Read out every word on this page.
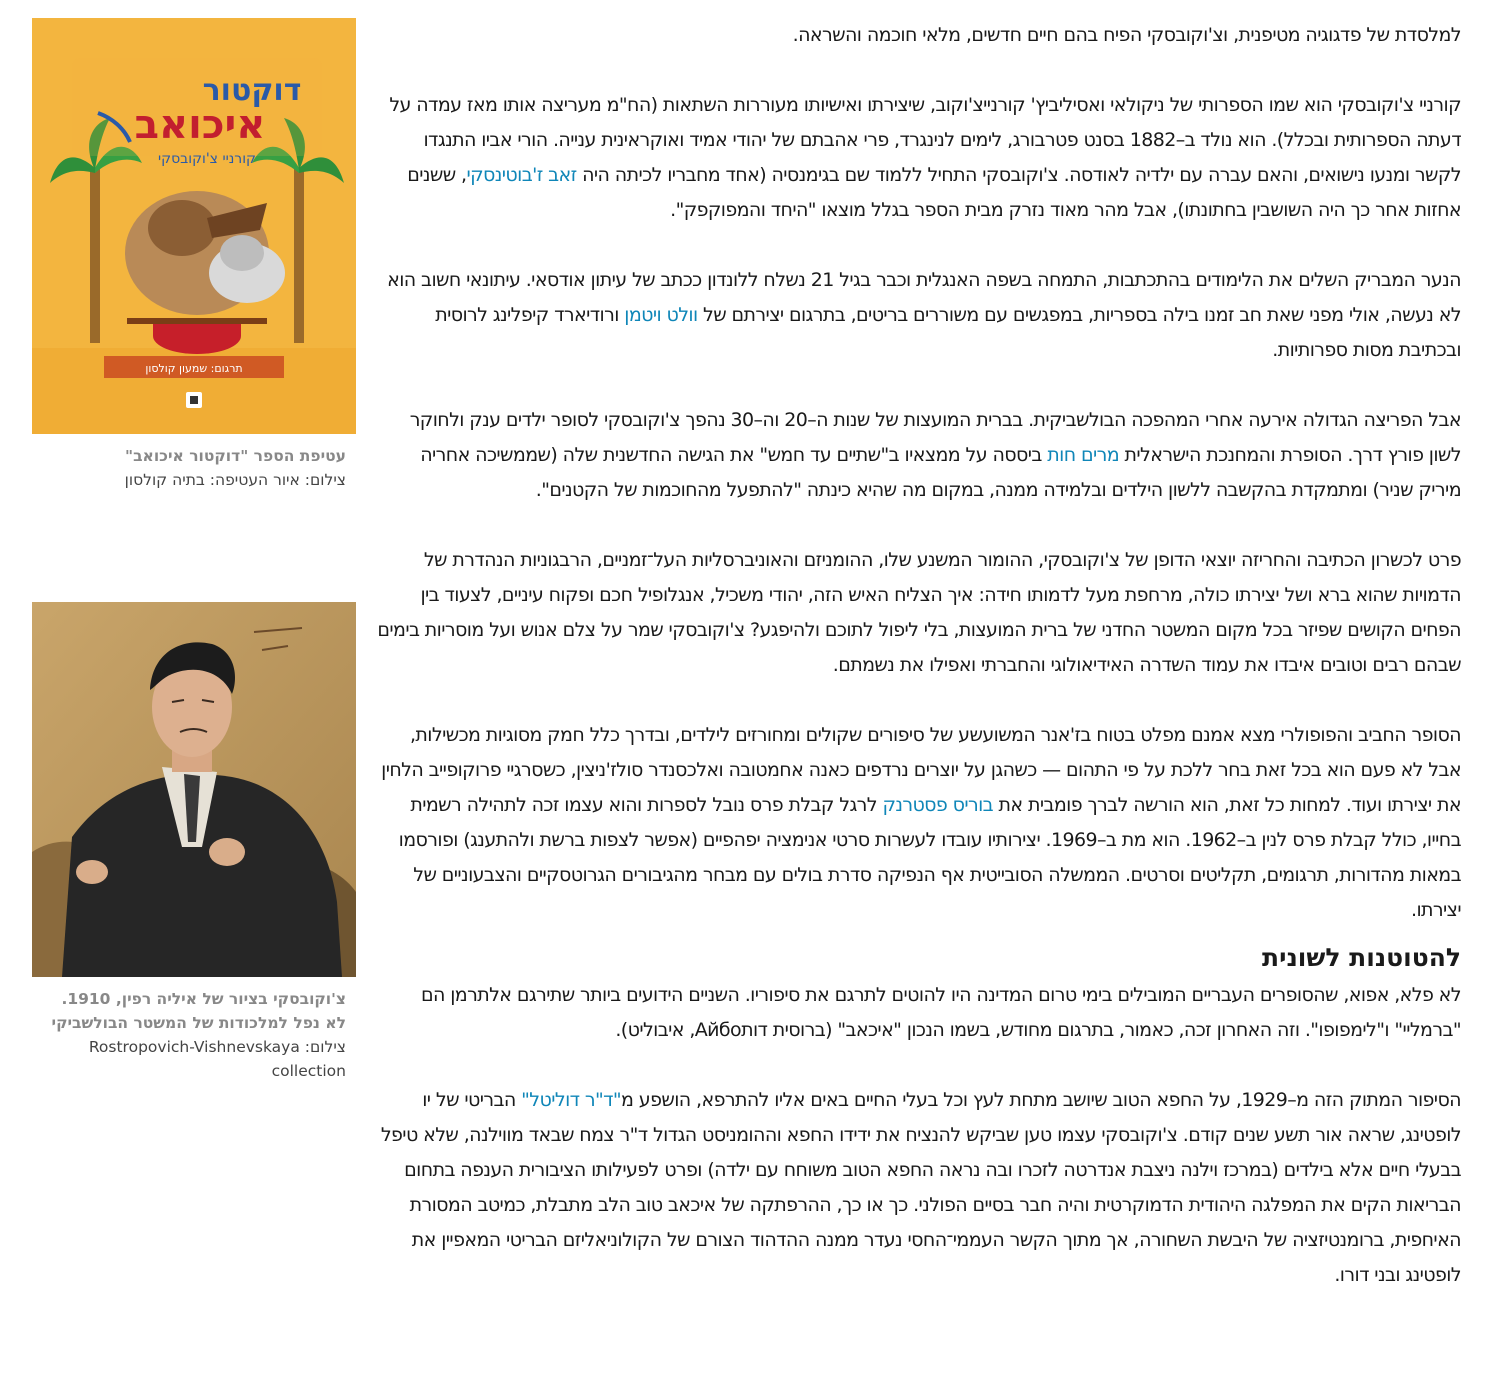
למלסדת של פדגוגיה מטיפנית, וצ'וקובסקי הפיח בהם חיים חדשים, מלאי חוכמה והשראה.

קורניי צ'וקובסקי הוא שמו הספרותי של ניקולאי ואסיליביץ' קורנייצ'וקוב, שיצירתו ואישיותו מעוררות השתאות (הח"מ מעריצה אותו מאז עמדה על דעתה הספרותית ובכלל). הוא נולד ב–1882 בסנט פטרבורג, לימים לנינגרד, פרי אהבתם של יהודי אמיד ואוקראינית ענייה. הורי אביו התנגדו לקשר ומנעו נישואים, והאם עברה עם ילדיה לאודסה. צ'וקובסקי התחיל ללמוד שם בגימנסיה (אחד מחבריו לכיתה היה זאב ז'בוטינסקי, ששנים אחזות אחר כך היה השושבין בחתונתו), אבל מהר מאוד נזרק מבית הספר בגלל מוצאו "היחד והמפוקפק".

הנער המבריק השלים את הלימודים בהתכתבות, התמחה בשפה האנגלית וכבר בגיל 21 נשלח ללונדון ככתב של עיתון אודסאי. עיתונאי חשוב הוא לא נעשה, אולי מפני שאת חב זמנו בילה בספריות, במפגשים עם משוררים בריטים, בתרגום יצירתם של וולט ויטמן ורודיארד קיפלינג לרוסית ובכתיבת מסות ספרותיות.

אבל הפריצה הגדולה אירעה אחרי המהפכה הבולשביקית. בברית המועצות של שנות ה–20 וה–30 נהפך צ'וקובסקי לסופר ילדים ענק ולחוקר לשון פורץ דרך. הסופרת והמחנכת הישראלית מרים חות ביססה על ממצאיו ב"שתיים עד חמש" את הגישה החדשנית שלה (שממשיכה אחריה מיריק שניר) ומתמקדת בהקשבה ללשון הילדים ובלמידה ממנה, במקום מה שהיא כינתה "להתפעל מהחוכמות של הקטנים".

פרט לכשרון הכתיבה והחריזה יוצאי הדופן של צ'וקובסקי, ההומור המשנע שלו, ההומניזם והאוניברסליות העל־זמניים, הרבגוניות הנהדרת של הדמויות שהוא ברא ושל יצירתו כולה, מרחפת מעל לדמותו חידה: איך הצליח האיש הזה, יהודי משכיל, אנגלופיל חכם ופקוח עיניים, לצעוד בין הפחים הקושים שפיזר בכל מקום המשטר החדני של ברית המועצות, בלי ליפול לתוכם ולהיפגע? צ'וקובסקי שמר על צלם אנוש ועל מוסריות בימים שבהם רבים וטובים איבדו את עמוד השדרה האידיאולוגי והחברתי ואפילו את נשמתם.

הסופר החביב והפופולרי מצא אמנם מפלט בטוח בז'אנר המשועשע של סיפורים שקולים ומחורזים לילדים, ובדרך כלל חמק מסוגיות מכשילות, אבל לא פעם הוא בכל זאת בחר ללכת על פי התהום — כשהגן על יוצרים נרדפים כאנה אחמטובה ואלכסנדר סולז'ניצין, כשסרגיי פרוקופייב הלחין את יצירתו ועוד. למחות כל זאת, הוא הורשה לברך פומבית את בוריס פסטרנק לרגל קבלת פרס נובל לספרות והוא עצמו זכה לתהילה רשמית בחייו, כולל קבלת פרס לנין ב–1962. הוא מת ב–1969. יצירותיו עובדו לעשרות סרטי אנימציה יפהפיים (אפשר לצפות ברשת ולהתענג) ופורסמו במאות מהדורות, תרגומים, תקליטים וסרטים. הממשלה הסובייטית אף הנפיקה סדרת בולים עם מבחר מהגיבורים הגרוטסקיים והצבעוניים של יצירתו.

להטוטנות לשונית

לא פלא, אפוא, שהסופרים העבריים המובילים בימי טרום המדינה היו להוטים לתרגם את סיפוריו. השניים הידועים ביותר שתירגם אלתרמן הם "ברמליי" ו"לימפופו". וזה האחרון זכה, כאמור, בתרגום מחודש, בשמו הנכון "איכאב" (ברוסית דותAйбо, איבוליט).

הסיפור המתוק הזה מ–1929, על החפא הטוב שיושב מתחת לעץ וכל בעלי החיים באים אליו להתרפא, הושפע מ"ד"ר דוליטל" הבריטי של יו לופטינג, שראה אור תשע שנים קודם. צ'וקובסקי עצמו טען שביקש להנציח את ידידו החפא וההומניסט הגדול ד"ר צמח שבאד מווילנה, שלא טיפל בבעלי חיים אלא בילדים (במרכז וילנה ניצבת אנדרטה לזכרו ובה נראה החפא הטוב משוחח עם ילדה) ופרט לפעילותו הציבורית הענפה בתחום הבריאות הקים את המפלגה היהודית הדמוקרטית והיה חבר בסיים הפולני. כך או כך, ההרפתקה של איכאב טוב הלב מתבלת, כמיטב המסורת האיחפית, ברומנטיזציה של היבשת השחורה, אך מתוך הקשר העממי־החסי נעדר ממנה ההדהוד הצורם של הקולוניאליזם הבריטי המאפיין את לופטינג ובני דורו.

דוקטור
איכואב
קורניי צ'וקובסקי
תרגום: שמעון קולסון
עטיפת הספר "דוקטור איכואב"
צילום: איור העטיפה: בתיה קולסון
צ'וקובסקי בציור של איליה רפין, 1910. לא נפל למלכודות של המשטר הבולשביקי
צילום: Rostropovich-Vishnevskaya collection
